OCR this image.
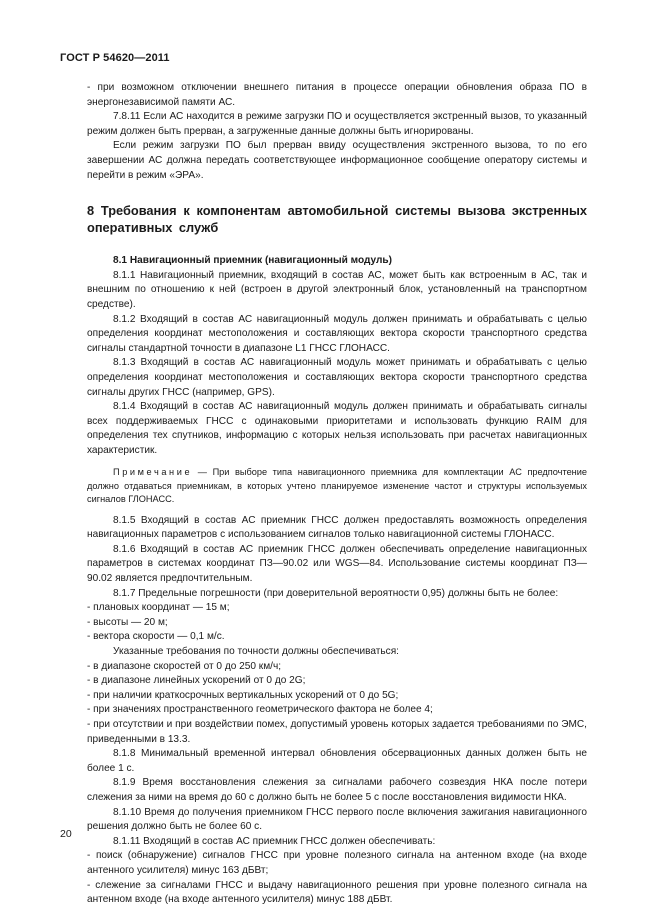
ГОСТ Р 54620—2011

- при возможном отключении внешнего питания в процессе операции обновления образа ПО в энергонезависимой памяти АС.

7.8.11 Если АС находится в режиме загрузки ПО и осуществляется экстренный вызов, то указанный режим должен быть прерван, а загруженные данные должны быть игнорированы.

Если режим загрузки ПО был прерван ввиду осуществления экстренного вызова, то по его завершении АС должна передать соответствующее информационное сообщение оператору системы и перейти в режим «ЭРА».

8 Требования к компонентам автомобильной системы вызова экстренных оперативных служб

8.1 Навигационный приемник (навигационный модуль)

8.1.1 Навигационный приемник, входящий в состав АС, может быть как встроенным в АС, так и внешним по отношению к ней (встроен в другой электронный блок, установленный на транспортном средстве).

8.1.2 Входящий в состав АС навигационный модуль должен принимать и обрабатывать с целью определения координат местоположения и составляющих вектора скорости транспортного средства сигналы стандартной точности в диапазоне L1 ГНСС ГЛОНАСС.

8.1.3 Входящий в состав АС навигационный модуль может принимать и обрабатывать с целью определения координат местоположения и составляющих вектора скорости транспортного средства сигналы других ГНСС (например, GPS).

8.1.4 Входящий в состав АС навигационный модуль должен принимать и обрабатывать сигналы всех поддерживаемых ГНСС с одинаковыми приоритетами и использовать функцию RAIM для определения тех спутников, информацию с которых нельзя использовать при расчетах навигационных характеристик.

Примечание — При выборе типа навигационного приемника для комплектации АС предпочтение должно отдаваться приемникам, в которых учтено планируемое изменение частот и структуры используемых сигналов ГЛОНАСС.

8.1.5 Входящий в состав АС приемник ГНСС должен предоставлять возможность определения навигационных параметров с использованием сигналов только навигационной системы ГЛОНАСС.

8.1.6 Входящий в состав АС приемник ГНСС должен обеспечивать определение навигационных параметров в системах координат ПЗ—90.02 или WGS—84. Использование системы координат ПЗ—90.02 является предпочтительным.

8.1.7 Предельные погрешности (при доверительной вероятности 0,95) должны быть не более:

- плановых координат — 15 м;

- высоты — 20 м;

- вектора скорости — 0,1 м/с.

Указанные требования по точности должны обеспечиваться:

- в диапазоне скоростей от 0 до 250 км/ч;

- в диапазоне линейных ускорений от 0 до 2G;

- при наличии краткосрочных вертикальных ускорений от 0 до 5G;

- при значениях пространственного геометрического фактора не более 4;

- при отсутствии и при воздействии помех, допустимый уровень которых задается требованиями по ЭМС, приведенными в 13.3.

8.1.8 Минимальный временной интервал обновления обсервационных данных должен быть не более 1 с.

8.1.9 Время восстановления слежения за сигналами рабочего созвездия НКА после потери слежения за ними на время до 60 с должно быть не более 5 с после восстановления видимости НКА.

8.1.10 Время до получения приемником ГНСС первого после включения зажигания навигационного решения должно быть не более 60 с.

8.1.11 Входящий в состав АС приемник ГНСС должен обеспечивать:

- поиск (обнаружение) сигналов ГНСС при уровне полезного сигнала на антенном входе (на входе антенного усилителя) минус 163 дБВт;

- слежение за сигналами ГНСС и выдачу навигационного решения при уровне полезного сигнала на антенном входе (на входе антенного усилителя) минус 188 дБВт.

20
